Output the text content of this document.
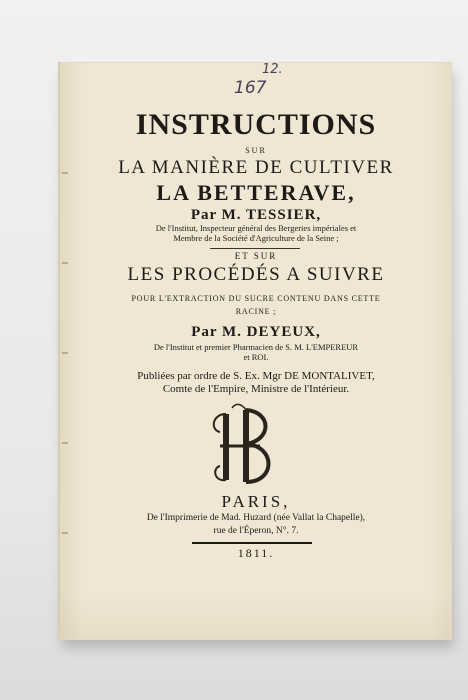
12.
167
INSTRUCTIONS
SUR
LA MANIÈRE DE CULTIVER
LA BETTERAVE,
Par M. TESSIER,
De l'Institut, Inspecteur général des Bergeries impériales et
Membre de la Société d'Agriculture de la Seine ;
ET SUR
LES PROCÉDÉS A SUIVRE
POUR L'EXTRACTION DU SUCRE CONTENU DANS CETTE
RACINE ;
Par M. DEYEUX,
De l'Institut et premier Pharmacien de S. M. L'EMPEREUR
et ROI.
Publiées par ordre de S. Ex. Mgr DE MONTALIVET,
Comte de l'Empire, Ministre de l'Intérieur.
PARIS,
De l'Imprimerie de Mad. Huzard (née Vallat la Chapelle),
rue de l'Éperon, N°. 7.
1811.
